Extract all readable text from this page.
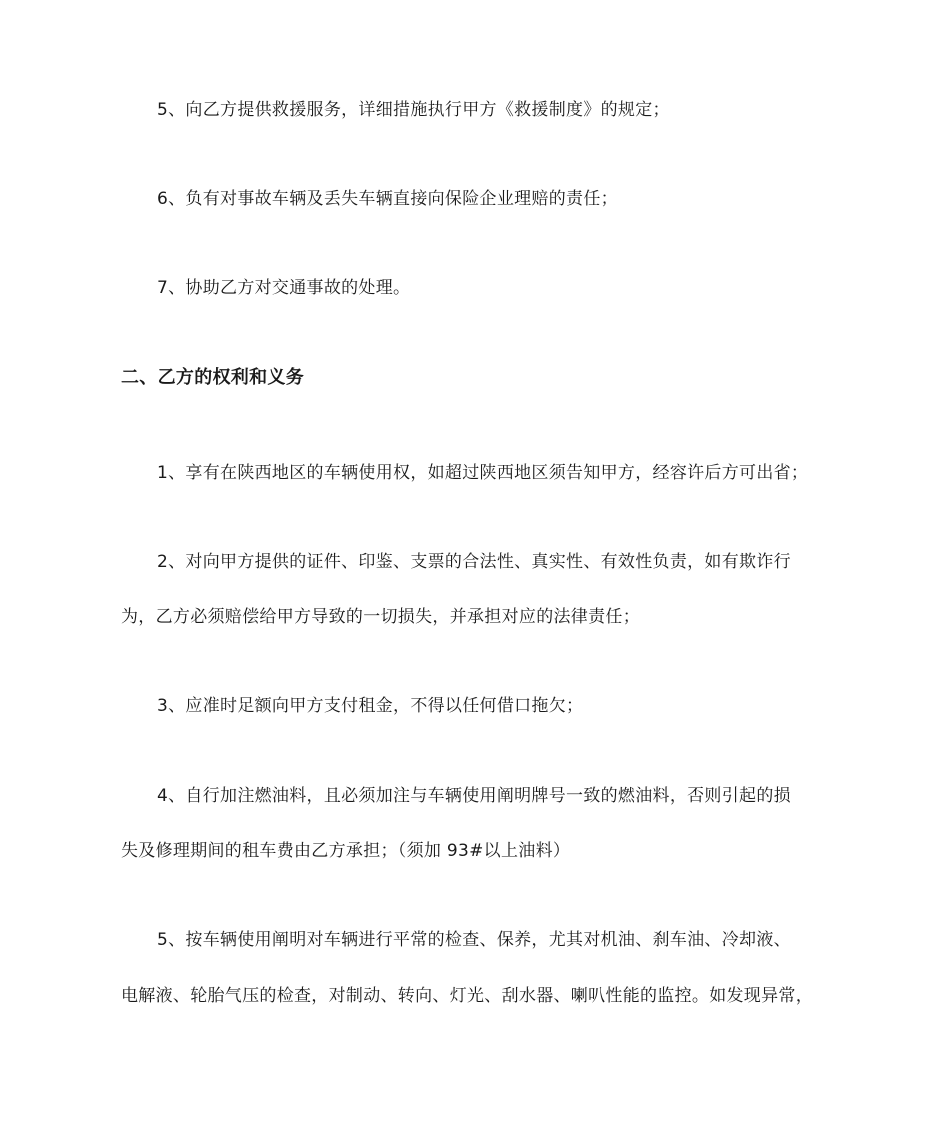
5、向乙方提供救援服务，详细措施执行甲方《救援制度》的规定；
6、负有对事故车辆及丢失车辆直接向保险企业理赔的责任；
7、协助乙方对交通事故的处理。
二、乙方的权利和义务
1、享有在陕西地区的车辆使用权，如超过陕西地区须告知甲方，经容许后方可出省；
2、对向甲方提供的证件、印鉴、支票的合法性、真实性、有效性负责，如有欺诈行
为，乙方必须赔偿给甲方导致的一切损失，并承担对应的法律责任；
3、应准时足额向甲方支付租金，不得以任何借口拖欠；
4、自行加注燃油料，且必须加注与车辆使用阐明牌号一致的燃油料，否则引起的损
失及修理期间的租车费由乙方承担；（须加 93#以上油料）
5、按车辆使用阐明对车辆进行平常的检查、保养，尤其对机油、刹车油、冷却液、
电解液、轮胎气压的检查，对制动、转向、灯光、刮水器、喇叭性能的监控。如发现异常，
